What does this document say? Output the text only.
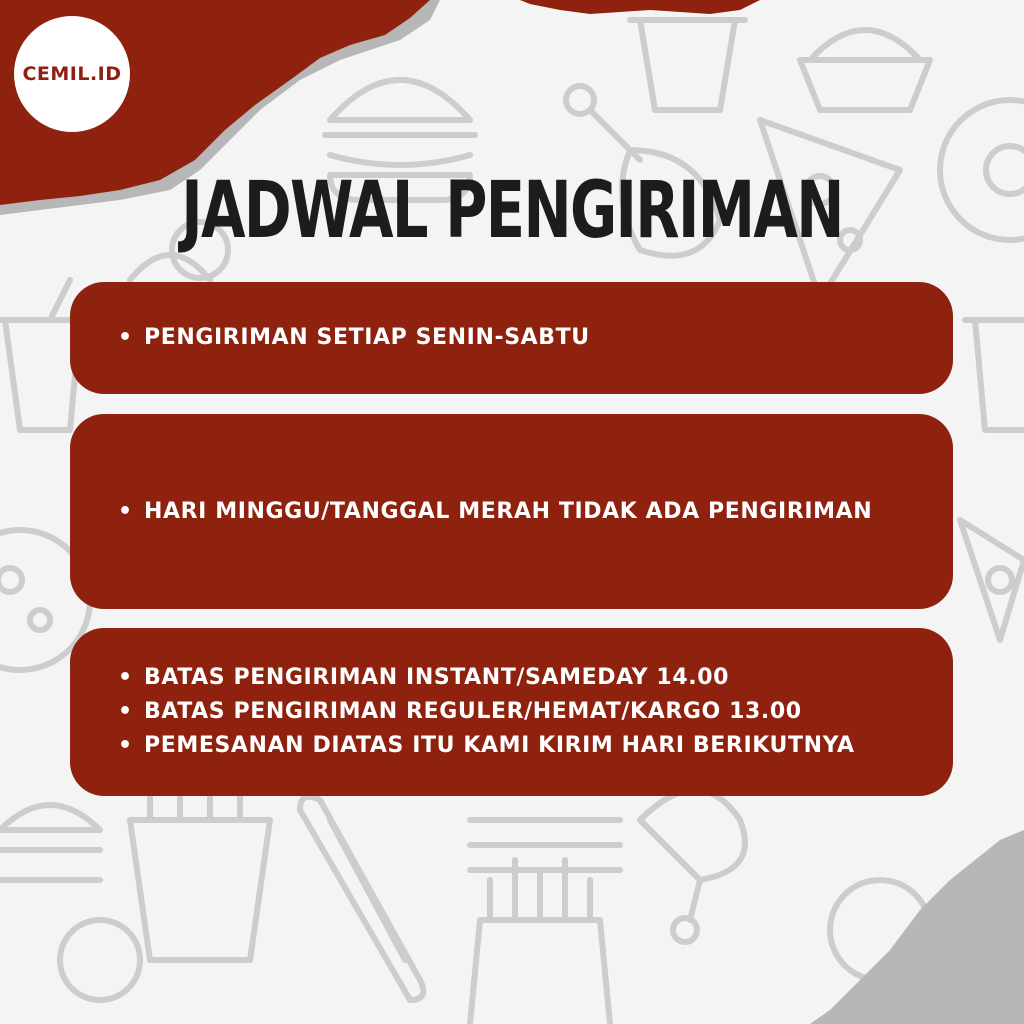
CEMIL.ID
JADWAL PENGIRIMAN
• PENGIRIMAN SETIAP SENIN-SABTU
• HARI MINGGU/TANGGAL MERAH TIDAK ADA PENGIRIMAN
• BATAS PENGIRIMAN INSTANT/SAMEDAY 14.00
• BATAS PENGIRIMAN REGULER/HEMAT/KARGO 13.00
• PEMESANAN DIATAS ITU KAMI KIRIM HARI BERIKUTNYA
